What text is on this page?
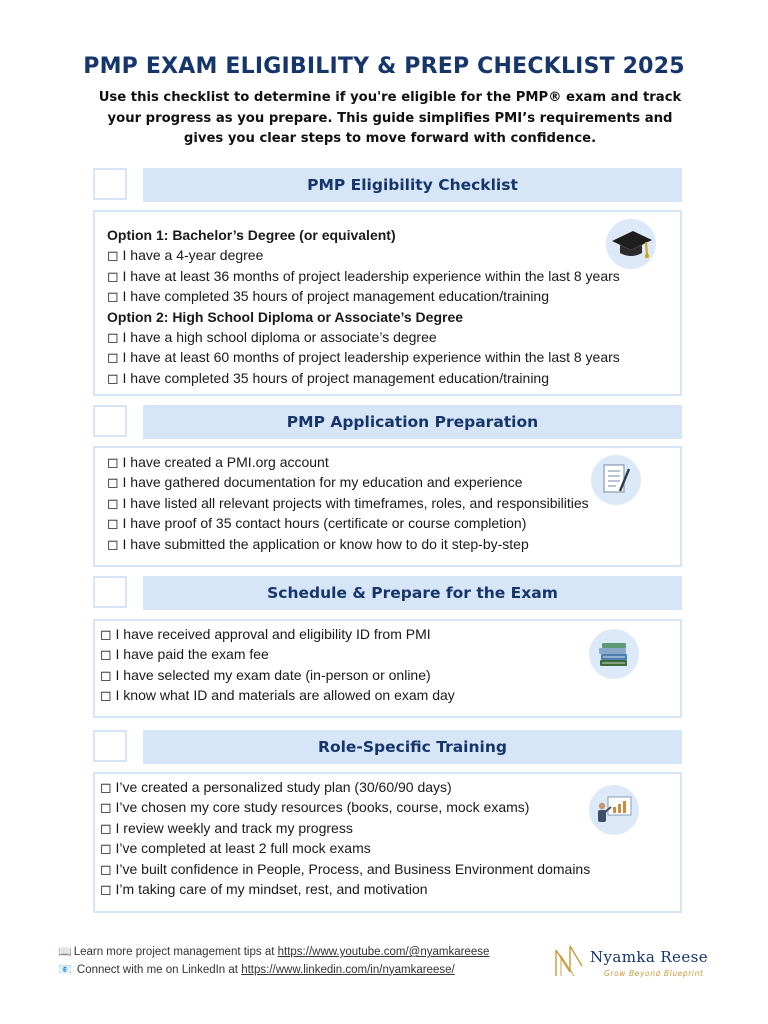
PMP EXAM ELIGIBILITY & PREP CHECKLIST 2025
Use this checklist to determine if you're eligible for the PMP® exam and track your progress as you prepare. This guide simplifies PMI’s requirements and gives you clear steps to move forward with confidence.
PMP Eligibility Checklist
Option 1: Bachelor’s Degree (or equivalent)
◻ I have a 4-year degree
◻ I have at least 36 months of project leadership experience within the last 8 years
◻ I have completed 35 hours of project management education/training
Option 2: High School Diploma or Associate’s Degree
◻ I have a high school diploma or associate’s degree
◻ I have at least 60 months of project leadership experience within the last 8 years
◻ I have completed 35 hours of project management education/training
PMP Application Preparation
◻ I have created a PMI.org account
◻ I have gathered documentation for my education and experience
◻ I have listed all relevant projects with timeframes, roles, and responsibilities
◻ I have proof of 35 contact hours (certificate or course completion)
◻ I have submitted the application or know how to do it step-by-step
Schedule & Prepare for the Exam
◻ I have received approval and eligibility ID from PMI
◻ I have paid the exam fee
◻ I have selected my exam date (in-person or online)
◻ I know what ID and materials are allowed on exam day
Role-Specific Training
◻ I’ve created a personalized study plan (30/60/90 days)
◻ I’ve chosen my core study resources (books, course, mock exams)
◻ I review weekly and track my progress
◻ I’ve completed at least 2 full mock exams
◻ I’ve built confidence in People, Process, and Business Environment domains
◻ I’m taking care of my mindset, rest, and motivation
📖 Learn more project management tips at https://www.youtube.com/@nyamkareese
📧 Connect with me on LinkedIn at https://www.linkedin.com/in/nyamkareese/
Nyamka Reese
Grow Beyond Blueprint
